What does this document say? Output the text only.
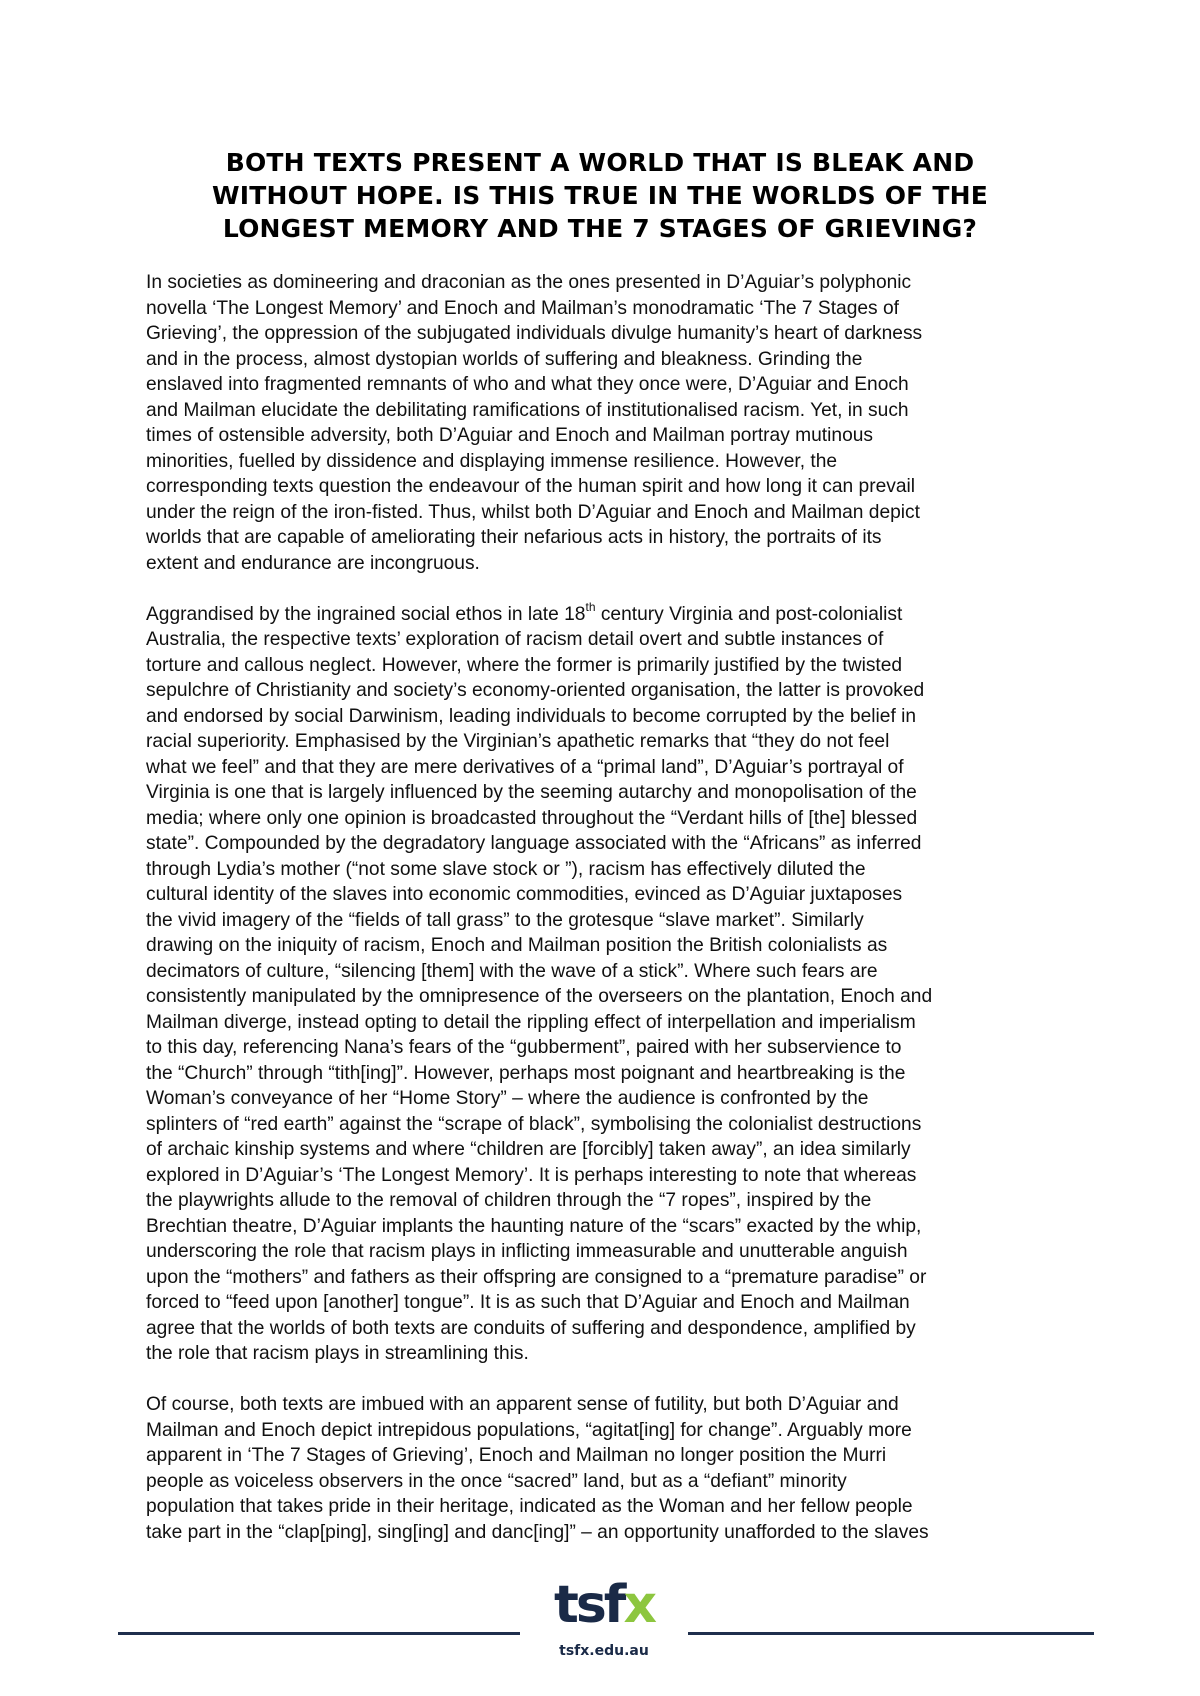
BOTH TEXTS PRESENT A WORLD THAT IS BLEAK AND
WITHOUT HOPE. IS THIS TRUE IN THE WORLDS OF THE
LONGEST MEMORY AND THE 7 STAGES OF GRIEVING?

In societies as domineering and draconian as the ones presented in D’Aguiar’s polyphonic
novella ‘The Longest Memory’ and Enoch and Mailman’s monodramatic ‘The 7 Stages of
Grieving’, the oppression of the subjugated individuals divulge humanity’s heart of darkness
and in the process, almost dystopian worlds of suffering and bleakness. Grinding the
enslaved into fragmented remnants of who and what they once were, D’Aguiar and Enoch
and Mailman elucidate the debilitating ramifications of institutionalised racism. Yet, in such
times of ostensible adversity, both D’Aguiar and Enoch and Mailman portray mutinous
minorities, fuelled by dissidence and displaying immense resilience. However, the
corresponding texts question the endeavour of the human spirit and how long it can prevail
under the reign of the iron-fisted. Thus, whilst both D’Aguiar and Enoch and Mailman depict
worlds that are capable of ameliorating their nefarious acts in history, the portraits of its
extent and endurance are incongruous.

Aggrandised by the ingrained social ethos in late 18th century Virginia and post-colonialist
Australia, the respective texts’ exploration of racism detail overt and subtle instances of
torture and callous neglect. However, where the former is primarily justified by the twisted
sepulchre of Christianity and society’s economy-oriented organisation, the latter is provoked
and endorsed by social Darwinism, leading individuals to become corrupted by the belief in
racial superiority. Emphasised by the Virginian’s apathetic remarks that “they do not feel
what we feel” and that they are mere derivatives of a “primal land”, D’Aguiar’s portrayal of
Virginia is one that is largely influenced by the seeming autarchy and monopolisation of the
media; where only one opinion is broadcasted throughout the “Verdant hills of [the] blessed
state”. Compounded by the degradatory language associated with the “Africans” as inferred
through Lydia’s mother (“not some slave stock or ”), racism has effectively diluted the
cultural identity of the slaves into economic commodities, evinced as D’Aguiar juxtaposes
the vivid imagery of the “fields of tall grass” to the grotesque “slave market”. Similarly
drawing on the iniquity of racism, Enoch and Mailman position the British colonialists as
decimators of culture, “silencing [them] with the wave of a stick”. Where such fears are
consistently manipulated by the omnipresence of the overseers on the plantation, Enoch and
Mailman diverge, instead opting to detail the rippling effect of interpellation and imperialism
to this day, referencing Nana’s fears of the “gubberment”, paired with her subservience to
the “Church” through “tith[ing]”. However, perhaps most poignant and heartbreaking is the
Woman’s conveyance of her “Home Story” – where the audience is confronted by the
splinters of “red earth” against the “scrape of black”, symbolising the colonialist destructions
of archaic kinship systems and where “children are [forcibly] taken away”, an idea similarly
explored in D’Aguiar’s ‘The Longest Memory’. It is perhaps interesting to note that whereas
the playwrights allude to the removal of children through the “7 ropes”, inspired by the
Brechtian theatre, D’Aguiar implants the haunting nature of the “scars” exacted by the whip,
underscoring the role that racism plays in inflicting immeasurable and unutterable anguish
upon the “mothers” and fathers as their offspring are consigned to a “premature paradise” or
forced to “feed upon [another] tongue”. It is as such that D’Aguiar and Enoch and Mailman
agree that the worlds of both texts are conduits of suffering and despondence, amplified by
the role that racism plays in streamlining this.

Of course, both texts are imbued with an apparent sense of futility, but both D’Aguiar and
Mailman and Enoch depict intrepidous populations, “agitat[ing] for change”. Arguably more
apparent in ‘The 7 Stages of Grieving’, Enoch and Mailman no longer position the Murri
people as voiceless observers in the once “sacred” land, but as a “defiant” minority
population that takes pride in their heritage, indicated as the Woman and her fellow people
take part in the “clap[ping], sing[ing] and danc[ing]” – an opportunity unafforded to the slaves

tsfx
tsfx.edu.au
